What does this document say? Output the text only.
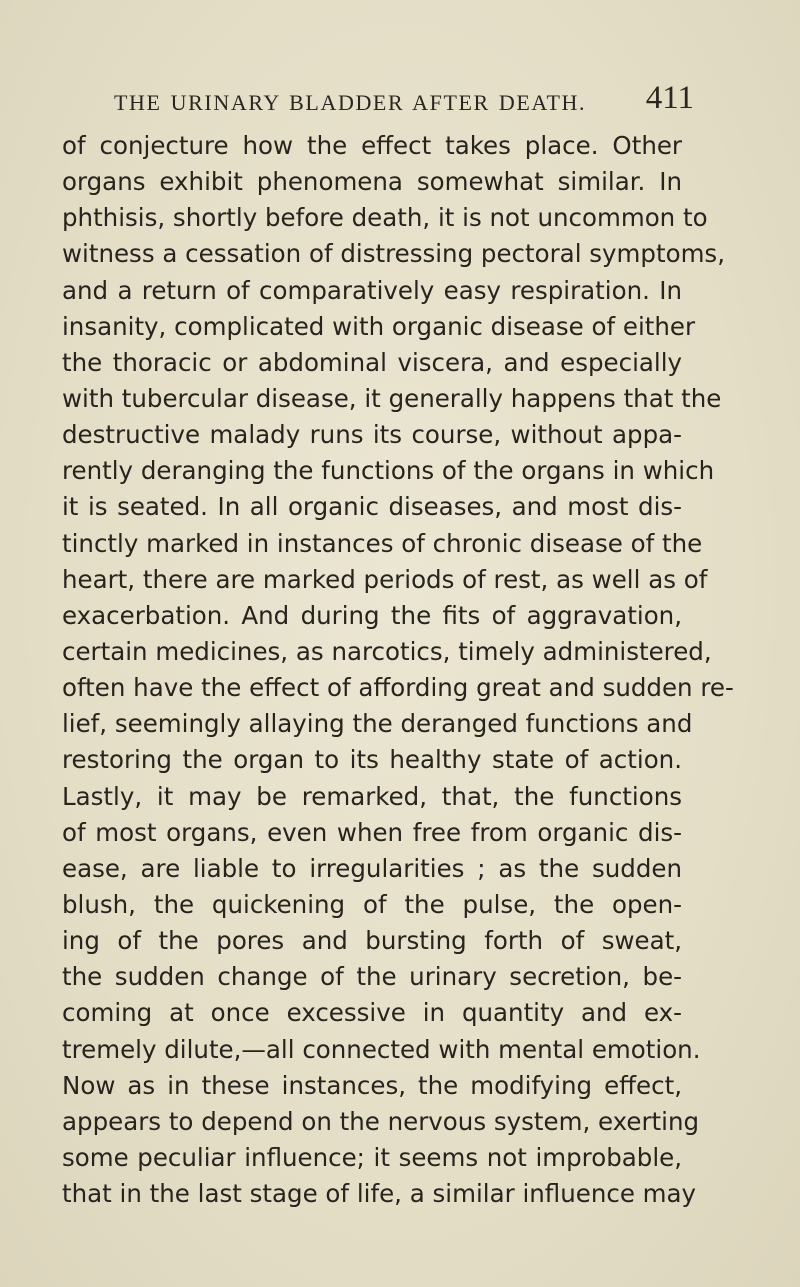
THE URINARY BLADDER AFTER DEATH. 411
of conjecture how the effect takes place. Other
organs exhibit phenomena somewhat similar. In
phthisis, shortly before death, it is not uncommon to
witness a cessation of distressing pectoral symptoms,
and a return of comparatively easy respiration. In
insanity, complicated with organic disease of either
the thoracic or abdominal viscera, and especially
with tubercular disease, it generally happens that the
destructive malady runs its course, without appa-
rently deranging the functions of the organs in which
it is seated. In all organic diseases, and most dis-
tinctly marked in instances of chronic disease of the
heart, there are marked periods of rest, as well as of
exacerbation. And during the fits of aggravation,
certain medicines, as narcotics, timely administered,
often have the effect of affording great and sudden re-
lief, seemingly allaying the deranged functions and
restoring the organ to its healthy state of action.
Lastly, it may be remarked, that, the functions
of most organs, even when free from organic dis-
ease, are liable to irregularities ; as the sudden
blush, the quickening of the pulse, the open-
ing of the pores and bursting forth of sweat,
the sudden change of the urinary secretion, be-
coming at once excessive in quantity and ex-
tremely dilute,—all connected with mental emotion.
Now as in these instances, the modifying effect,
appears to depend on the nervous system, exerting
some peculiar influence; it seems not improbable,
that in the last stage of life, a similar influence may
